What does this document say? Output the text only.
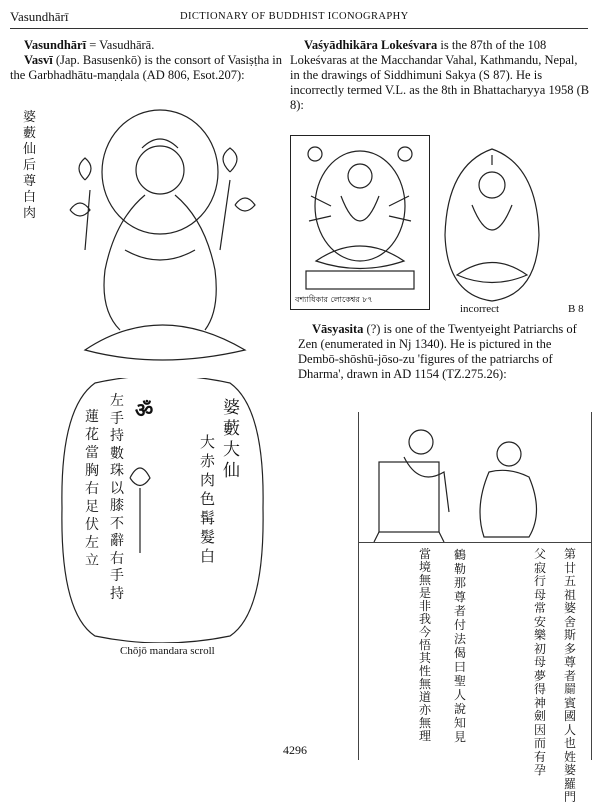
Vasundhārī	DICTIONARY OF BUDDHIST ICONOGRAPHY

Vasundhārī = Vasudhārā.

Vasvī (Jap. Basusenkō) is the consort of Vasiṣṭha in the Garbhadhātu-maṇḍala (AD 806, Esot.207):

婆藪仙后尊白肉
ॐ	婆藪大仙
大赤肉色髯髮白
左手持數珠以膝不辭右手持
蓮花當胸右足伏左立
Chōjō mandara scroll

Vaśyādhikāra Lokeśvara is the 87th of the 108 Lokeśvaras at the Macchandar Vahal, Kathmandu, Nepal, in the drawings of Siddhimuni Sakya (S 87). He is incorrectly termed V.L. as the 8th in Bhattacharyya 1958 (B 8):

বশ্যাধিকার লোকেশ্বর ৮৭
incorrect	B 8

Vāsyasita (?) is one of the Twentyeight Patriarchs of Zen (enumerated in Nj 1340). He is pictured in the Dembō-shōshū-jōso-zu 'figures of the patriarchs of Dharma', drawn in AD 1154 (TZ.275.26):

第廿五祖婆舍斯多尊者罽賓國人也姓婆羅門
父寂行母常安樂初母夢得神劍因而有孕
鶴勒那尊者付法偈曰聖人說知見
當境無是非我今悟其性無道亦無理
4296
